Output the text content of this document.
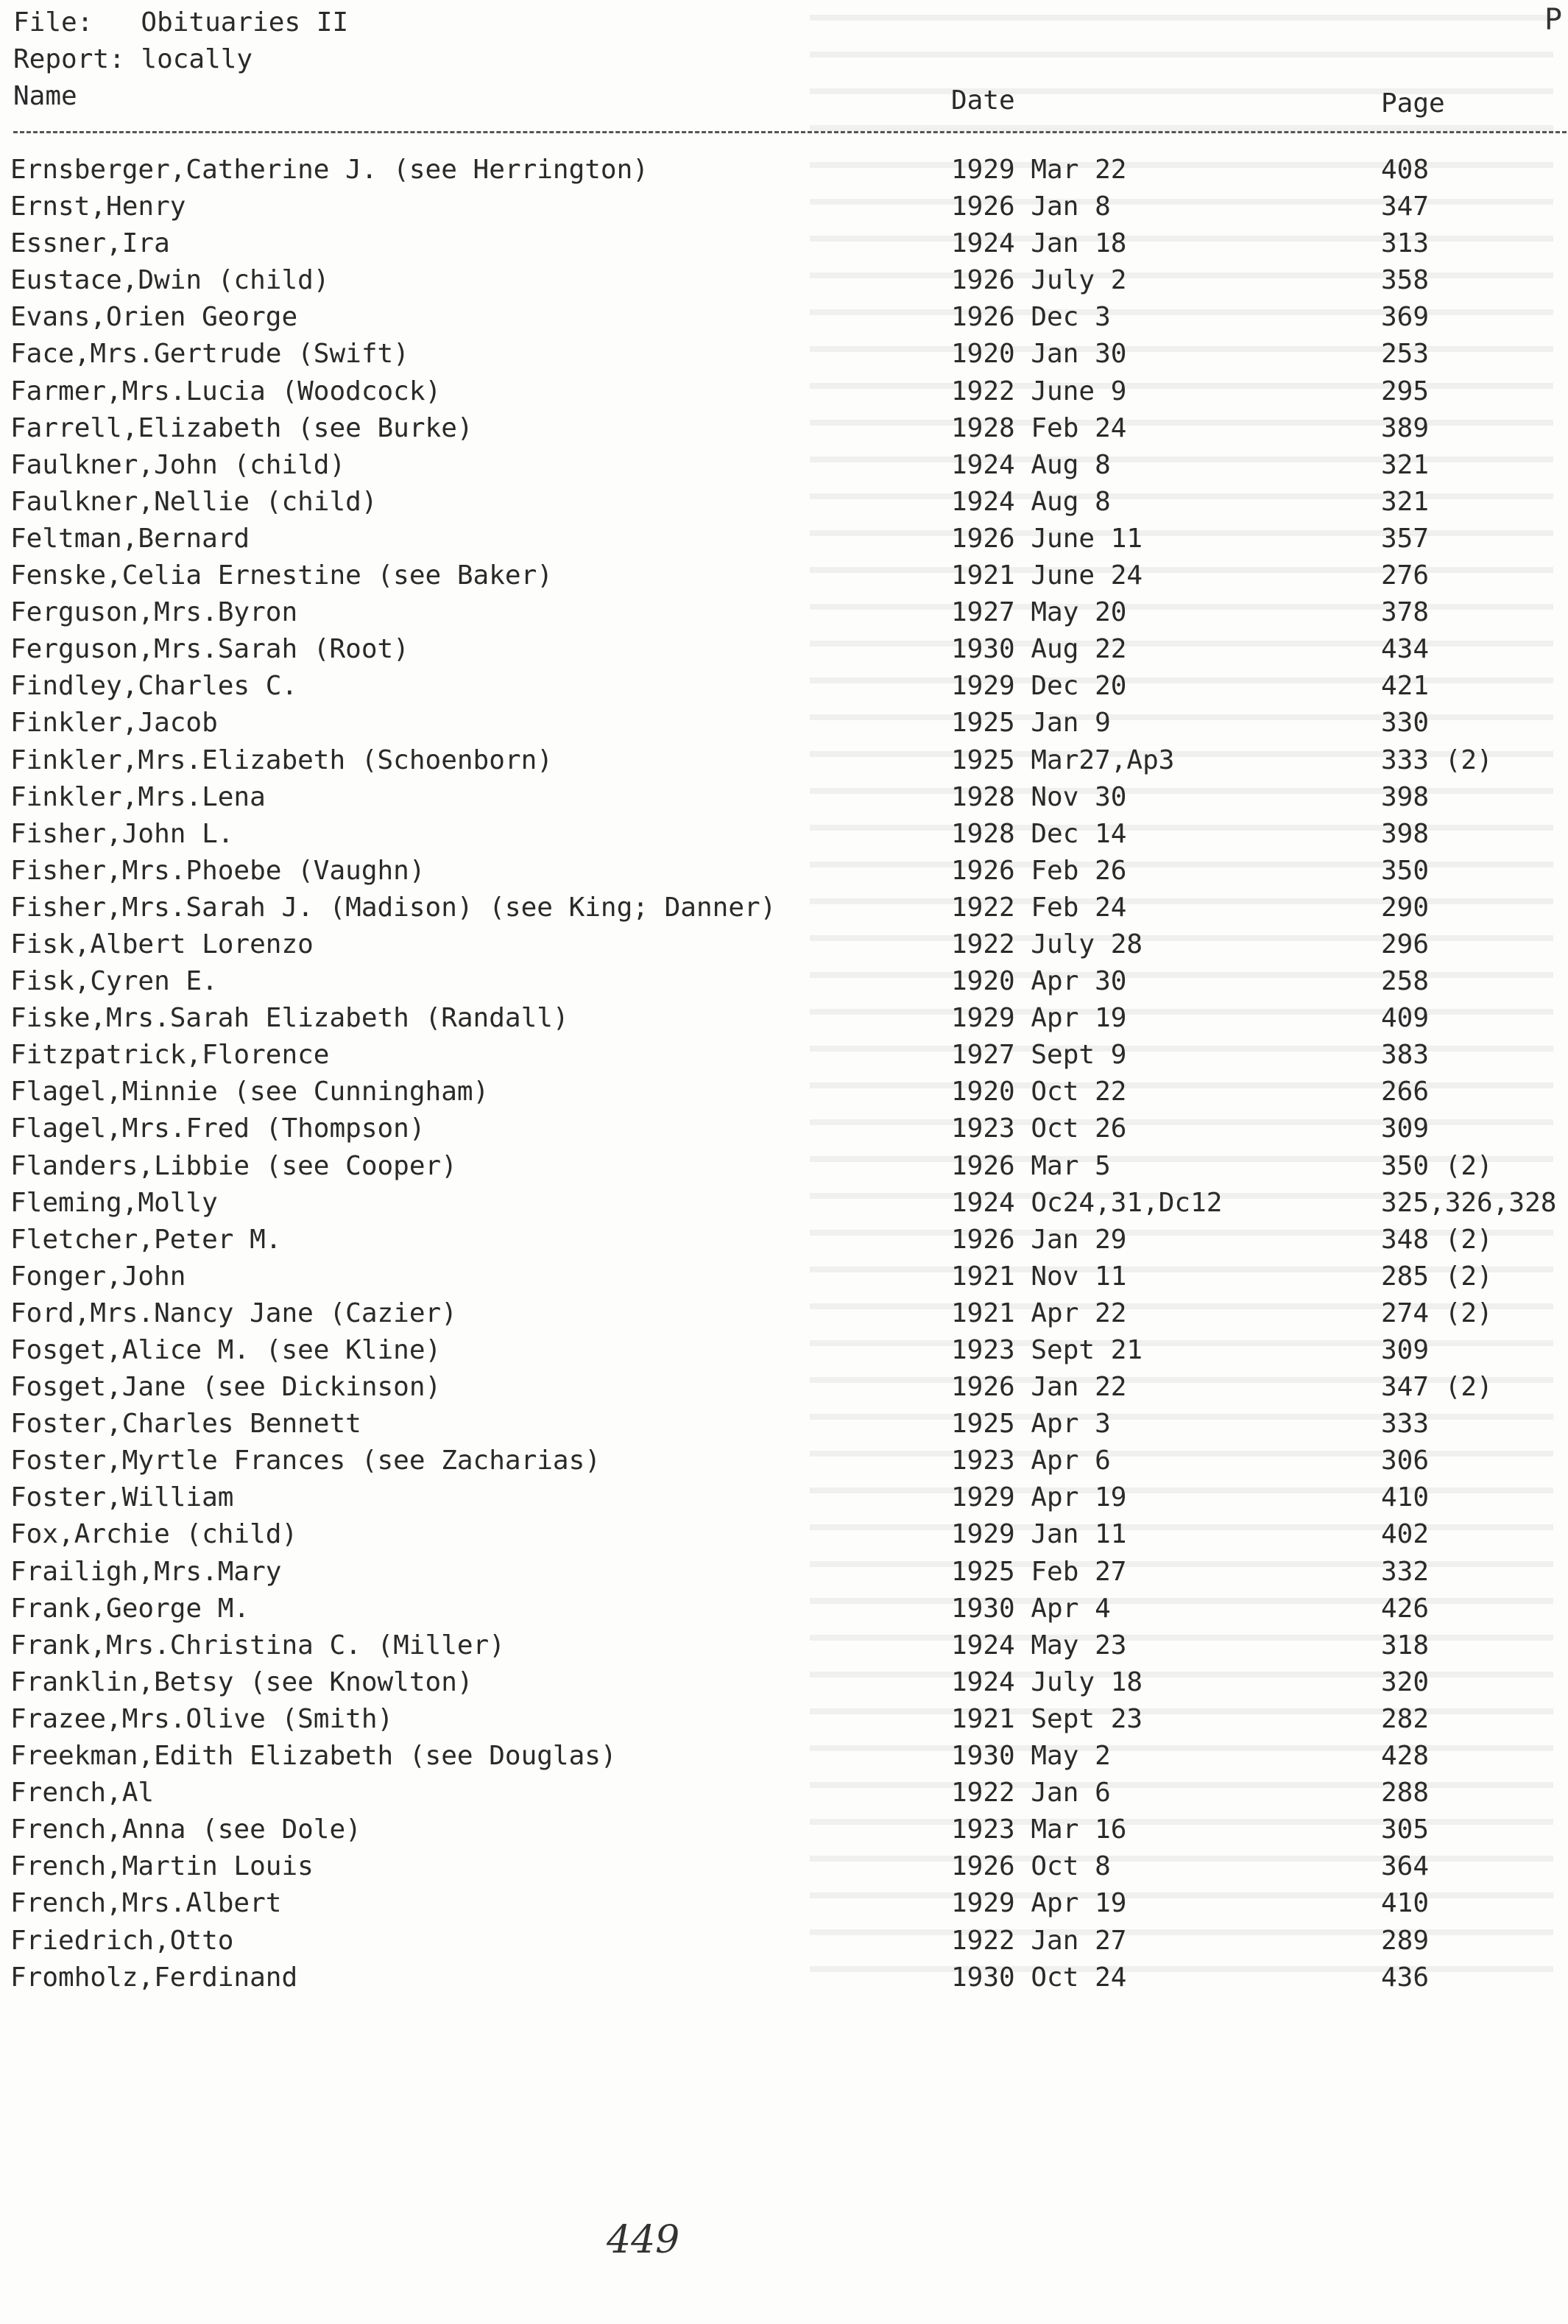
File:   Obituaries II
Report: locally
P
Name	Date	Page
Ernsberger,Catherine J. (see Herrington)	1929 Mar 22	408
Ernst,Henry	1926 Jan 8	347
Essner,Ira	1924 Jan 18	313
Eustace,Dwin (child)	1926 July 2	358
Evans,Orien George	1926 Dec 3	369
Face,Mrs.Gertrude (Swift)	1920 Jan 30	253
Farmer,Mrs.Lucia (Woodcock)	1922 June 9	295
Farrell,Elizabeth (see Burke)	1928 Feb 24	389
Faulkner,John (child)	1924 Aug 8	321
Faulkner,Nellie (child)	1924 Aug 8	321
Feltman,Bernard	1926 June 11	357
Fenske,Celia Ernestine (see Baker)	1921 June 24	276
Ferguson,Mrs.Byron	1927 May 20	378
Ferguson,Mrs.Sarah (Root)	1930 Aug 22	434
Findley,Charles C.	1929 Dec 20	421
Finkler,Jacob	1925 Jan 9	330
Finkler,Mrs.Elizabeth (Schoenborn)	1925 Mar27,Ap3	333 (2)
Finkler,Mrs.Lena	1928 Nov 30	398
Fisher,John L.	1928 Dec 14	398
Fisher,Mrs.Phoebe (Vaughn)	1926 Feb 26	350
Fisher,Mrs.Sarah J. (Madison) (see King; Danner)	1922 Feb 24	290
Fisk,Albert Lorenzo	1922 July 28	296
Fisk,Cyren E.	1920 Apr 30	258
Fiske,Mrs.Sarah Elizabeth (Randall)	1929 Apr 19	409
Fitzpatrick,Florence	1927 Sept 9	383
Flagel,Minnie (see Cunningham)	1920 Oct 22	266
Flagel,Mrs.Fred (Thompson)	1923 Oct 26	309
Flanders,Libbie (see Cooper)	1926 Mar 5	350 (2)
Fleming,Molly	1924 Oc24,31,Dc12	325,326,328
Fletcher,Peter M.	1926 Jan 29	348 (2)
Fonger,John	1921 Nov 11	285 (2)
Ford,Mrs.Nancy Jane (Cazier)	1921 Apr 22	274 (2)
Fosget,Alice M. (see Kline)	1923 Sept 21	309
Fosget,Jane (see Dickinson)	1926 Jan 22	347 (2)
Foster,Charles Bennett	1925 Apr 3	333
Foster,Myrtle Frances (see Zacharias)	1923 Apr 6	306
Foster,William	1929 Apr 19	410
Fox,Archie (child)	1929 Jan 11	402
Frailigh,Mrs.Mary	1925 Feb 27	332
Frank,George M.	1930 Apr 4	426
Frank,Mrs.Christina C. (Miller)	1924 May 23	318
Franklin,Betsy (see Knowlton)	1924 July 18	320
Frazee,Mrs.Olive (Smith)	1921 Sept 23	282
Freekman,Edith Elizabeth (see Douglas)	1930 May 2	428
French,Al	1922 Jan 6	288
French,Anna (see Dole)	1923 Mar 16	305
French,Martin Louis	1926 Oct 8	364
French,Mrs.Albert	1929 Apr 19	410
Friedrich,Otto	1922 Jan 27	289
Fromholz,Ferdinand	1930 Oct 24	436
449
